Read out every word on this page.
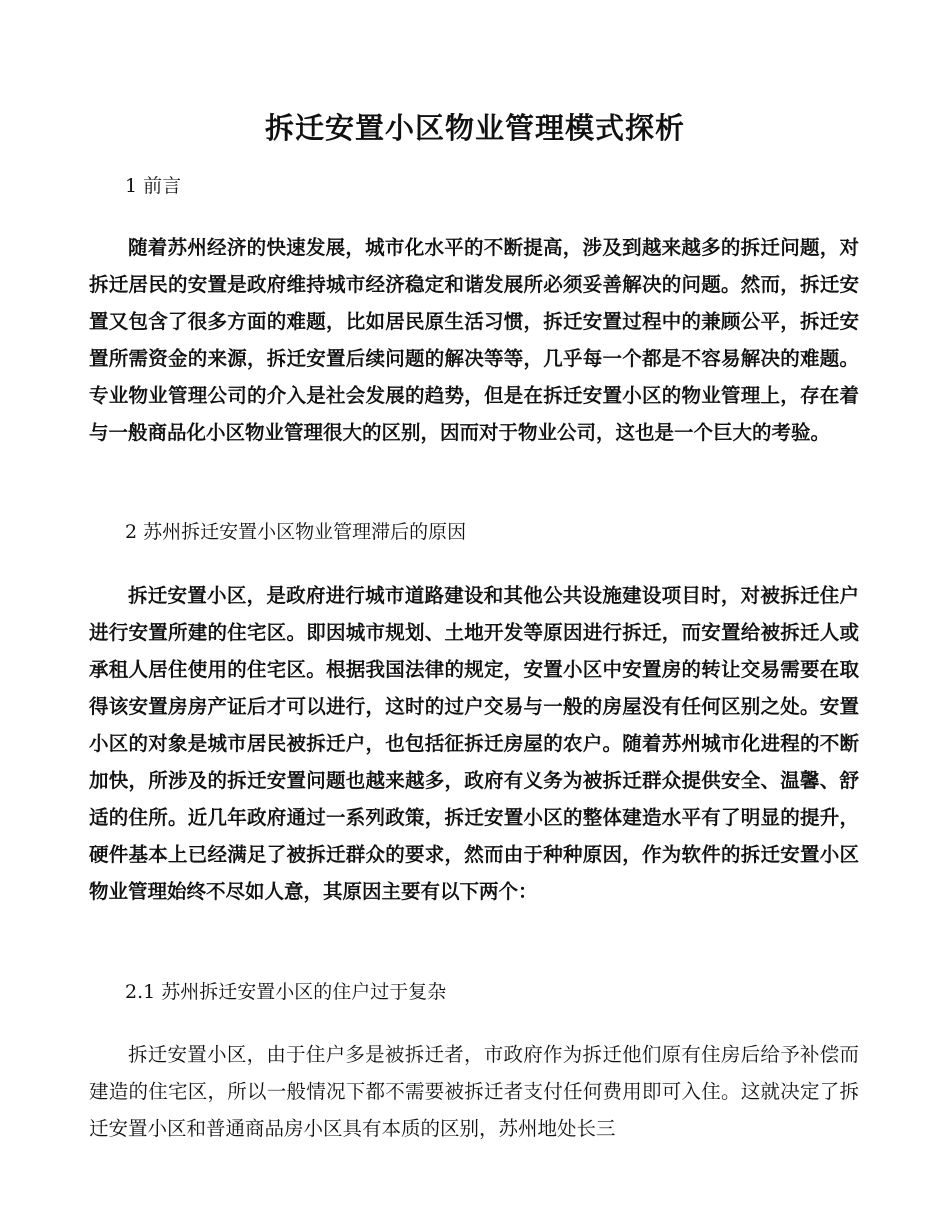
拆迁安置小区物业管理模式探析
1 前言

随着苏州经济的快速发展，城市化水平的不断提高，涉及到越来越多的拆迁问题，对拆迁居民的安置是政府维持城市经济稳定和谐发展所必须妥善解决的问题。然而，拆迁安置又包含了很多方面的难题，比如居民原生活习惯，拆迁安置过程中的兼顾公平，拆迁安置所需资金的来源，拆迁安置后续问题的解决等等，几乎每一个都是不容易解决的难题。专业物业管理公司的介入是社会发展的趋势，但是在拆迁安置小区的物业管理上，存在着与一般商品化小区物业管理很大的区别，因而对于物业公司，这也是一个巨大的考验。

2 苏州拆迁安置小区物业管理滞后的原因

拆迁安置小区，是政府进行城市道路建设和其他公共设施建设项目时，对被拆迁住户进行安置所建的住宅区。即因城市规划、土地开发等原因进行拆迁，而安置给被拆迁人或承租人居住使用的住宅区。根据我国法律的规定，安置小区中安置房的转让交易需要在取得该安置房房产证后才可以进行，这时的过户交易与一般的房屋没有任何区别之处。安置小区的对象是城市居民被拆迁户，也包括征拆迁房屋的农户。随着苏州城市化进程的不断加快，所涉及的拆迁安置问题也越来越多，政府有义务为被拆迁群众提供安全、温馨、舒适的住所。近几年政府通过一系列政策，拆迁安置小区的整体建造水平有了明显的提升，硬件基本上已经满足了被拆迁群众的要求，然而由于种种原因，作为软件的拆迁安置小区物业管理始终不尽如人意，其原因主要有以下两个：

2.1 苏州拆迁安置小区的住户过于复杂

拆迁安置小区，由于住户多是被拆迁者，市政府作为拆迁他们原有住房后给予补偿而建造的住宅区，所以一般情况下都不需要被拆迁者支付任何费用即可入住。这就决定了拆迁安置小区和普通商品房小区具有本质的区别，苏州地处长三
